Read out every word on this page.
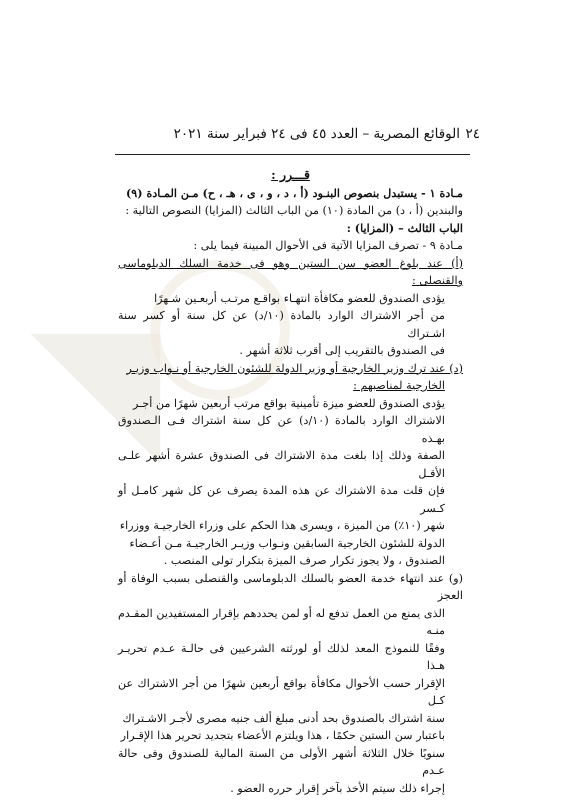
◥
٢٤
الوقائع المصرية – العدد ٤٥ فى ٢٤ فبراير سنة ٢٠٢١

قـــرر :

مـادة ١ - يستبدل بنصوص البنـود (أ ، د ، و ، ى ، هـ ، ح) مـن المـادة (٩)

والبندين (أ ، د) من المادة (١٠) من الباب الثالث (المزايا) النصوص التالية :

الباب الثالث – (المزايا) :

مـادة ٩ - تصرف المزايا الآتية فى الأحوال المبينة فيما يلى :

(أ) عند بلوغ العضو سن الستين وهو فى خدمة السلك الدبلوماسى والقنصلى :

يؤدى الصندوق للعضو مكافأة انتهـاء بواقـع مرتـب أربعـين شـهرًا

من أجر الاشتراك الوارد بالمادة (١٠/د) عن كل سنة أو كسر سنة اشـتراك

فى الصندوق بالتقريب إلى أقرب ثلاثة أشهر .

(د) عند ترك وزير الخارجية أو وزير الدولة للشئون الخارجية أو نـواب وزيـر

الخارجية لمناصبهم :

يؤدى الصندوق للعضو ميزة تأمينية بواقع مرتب أربعين شهرًا من أجـر

الاشتراك الوارد بالمادة (١٠/د) عن كل سنة اشتراك فـى الـصندوق بهـذه

الصفة وذلك إذا بلغت مدة الاشتراك فى الصندوق عشرة أشهر علـى الأقـل

فإن قلت مدة الاشتراك عن هذه المدة يصرف عن كل شهر كامـل أو كـسر

شهر (١٠٪) من الميزة ، ويسرى هذا الحكم على وزراء الخارجيـة ووزراء

الدولة للشئون الخارجية السابقين ونـواب وزيـر الخارجيـة مـن أعـضاء

الصندوق ، ولا يجوز تكرار صرف الميزة بتكرار تولى المنصب .

(و) عند انتهاء خدمة العضو بالسلك الدبلوماسى والقنصلى بسبب الوفاة أو العجز

الذى يمنع من العمل تدفع له أو لمن يحددهم بإقرار المستفيدين المقـدم منـه

وفقًا للنموذج المعد لذلك أو لورثته الشرعيين فى حالـة عـدم تحريـر هـذا

الإقرار حسب الأحوال مكافأة بواقع أربعين شهرًا من أجر الاشتراك عن كـل

سنة اشتراك بالصندوق بحد أدنى مبلغ ألف جنيه مصرى لأجـر الاشـتراك

باعتبار سن الستين حكمًا ، هذا ويلتزم الأعضاء بتجديد تحرير هذا الإقـرار

سنويًا خلال الثلاثة أشهر الأولى من السنة المالية للصندوق وفى حالة عـدم

إجراء ذلك سيتم الأخذ بآخر إقرار حرره العضو .
